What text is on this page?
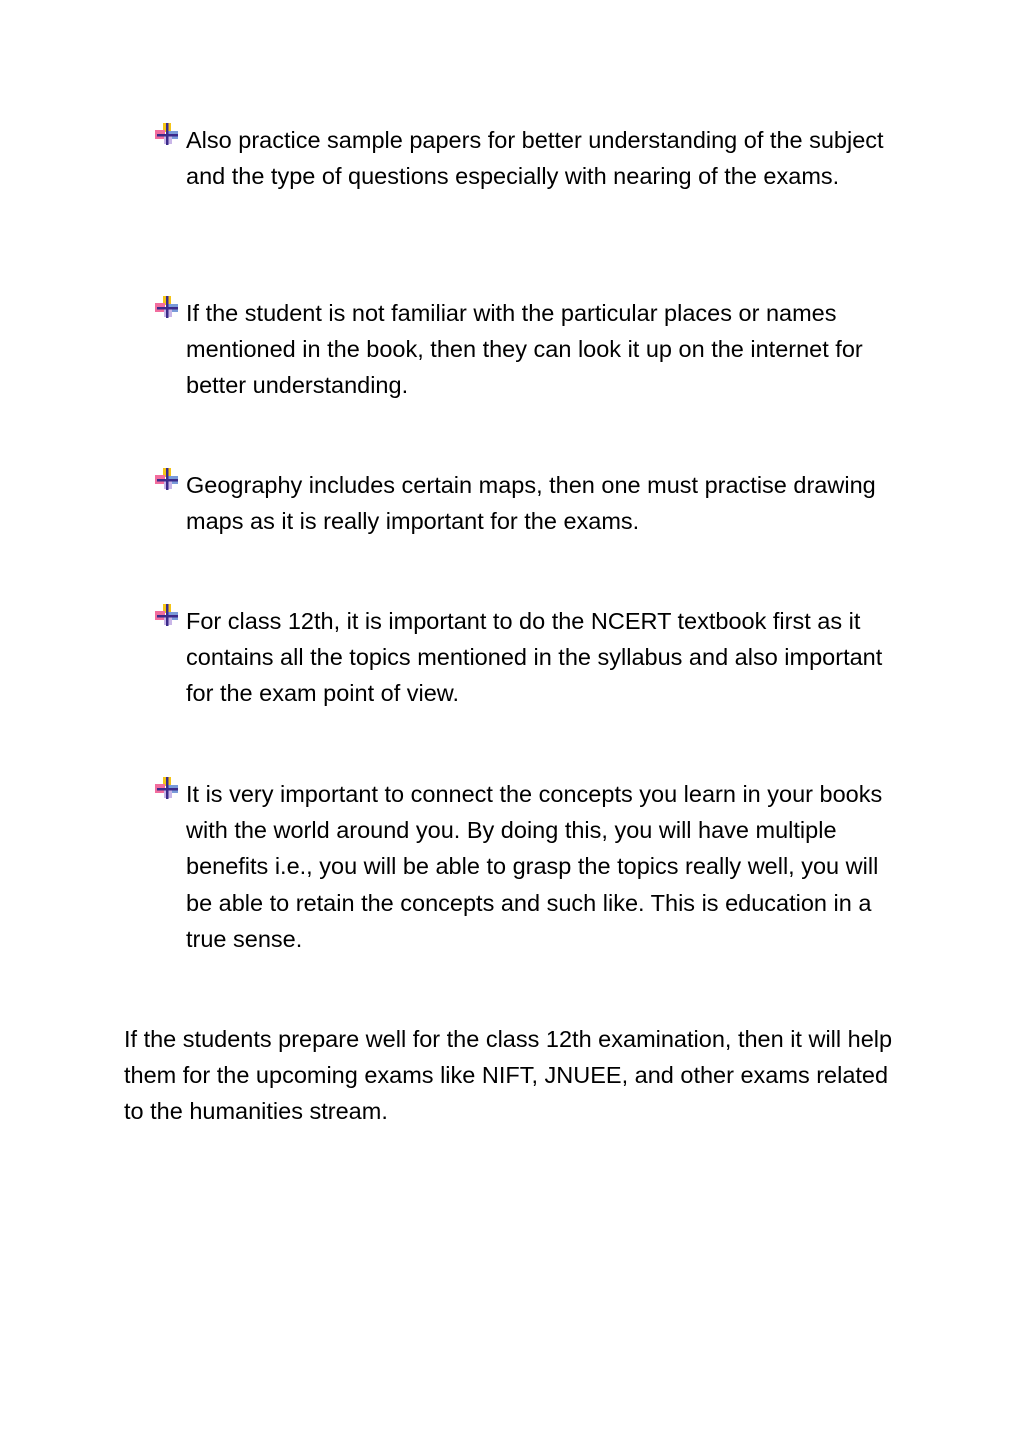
Also practice sample papers for better understanding of the subject and the type of questions especially with nearing of the exams.

If the student is not familiar with the particular places or names mentioned in the book, then they can look it up on the internet for better understanding.

Geography includes certain maps, then one must practise drawing maps as it is really important for the exams.

For class 12th, it is important to do the NCERT textbook first as it contains all the topics mentioned in the syllabus and also important for the exam point of view.

It is very important to connect the concepts you learn in your books with the world around you. By doing this, you will have multiple benefits i.e., you will be able to grasp the topics really well, you will be able to retain the concepts and such like. This is education in a true sense.

If the students prepare well for the class 12th examination, then it will help them for the upcoming exams like NIFT, JNUEE, and other exams related to the humanities stream.
